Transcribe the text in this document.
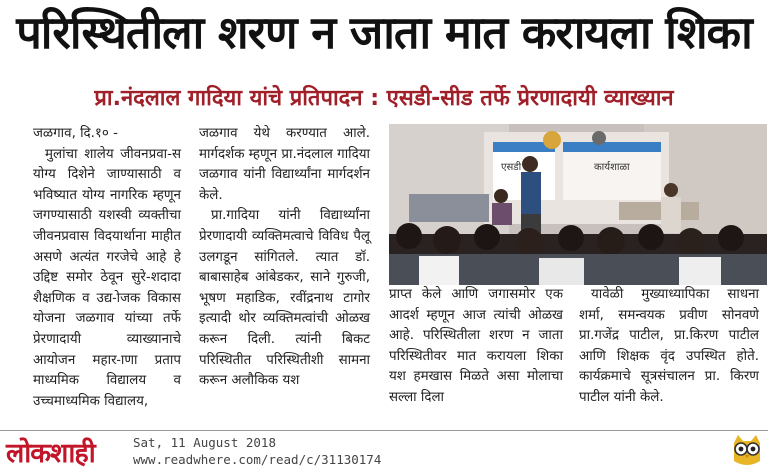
परिस्थितीला शरण न जाता मात करायला शिका
प्रा.नंदलाल गादिया यांचे प्रतिपादन : एसडी-सीड तर्फे प्रेरणादायी व्याख्यान

जळगाव, दि.१० -

मुलांचा शालेय जीवनप्रवा-स योग्य दिशेने जाण्यासाठी व भविष्यात योग्य नागरिक म्हणून जगण्यासाठी यशस्वी व्यक्तीचा जीवनप्रवास विदयार्थाना माहीत असणे अत्यंत गरजेचे आहे हे उद्दिष्ट समोर ठेवून सुरे-शदादा शैक्षणिक व उद्य-ोजक विकास योजना जळगाव यांच्या तर्फे प्रेरणादायी व्याख्यानाचे आयोजन महार-ाणा प्रताप माध्यमिक विद्यालय व उच्चमाध्यमिक विद्यालय,

जळगाव येथे करण्यात आले. मार्गदर्शक म्हणून प्रा.नंदलाल गादिया जळगाव यांनी विद्यार्थ्यांना मार्गदर्शन केले.

प्रा.गादिया यांनी विद्यार्थ्यांना प्रेरणादायी व्यक्तिमत्वाचे विविध पैलू उलगडून सांगितले. त्यात डॉ. बाबासाहेब आंबेडकर, साने गुरुजी, भूषण महाडिक, रवींद्रनाथ टागोर इत्यादी थोर व्यक्तिमत्वांची ओळख करून दिली. त्यांनी बिकट परिस्थितीत परिस्थितीशी सामना करून अलौकिक यश

एसडी	कार्यशाळा

प्राप्त केले आणि जगासमोर एक आदर्श म्हणून आज त्यांची ओळख आहे. परिस्थितीला शरण न जाता परिस्थितीवर मात करायला शिका यश हमखास मिळते असा मोलाचा सल्ला दिला

यावेळी मुख्याध्यापिका साधना शर्मा, समन्वयक प्रवीण सोनवणे प्रा.गजेंद्र पाटील, प्रा.किरण पाटील आणि शिक्षक वृंद उपस्थित होते. कार्यक्रमाचे सूत्रसंचालन प्रा. किरण पाटील यांनी केले.

लोकशाही	Sat, 11 August 2018
www.readwhere.com/read/c/31130174
